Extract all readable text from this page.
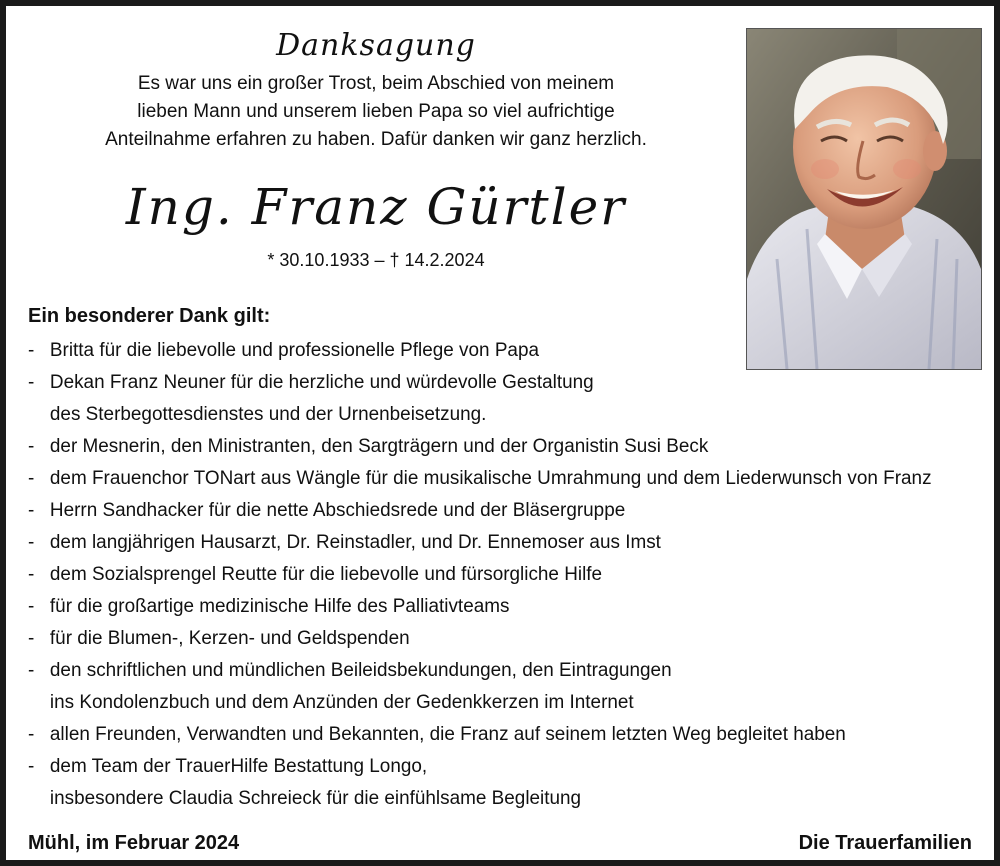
Danksagung
Es war uns ein großer Trost, beim Abschied von meinem
lieben Mann und unserem lieben Papa so viel aufrichtige
Anteilnahme erfahren zu haben. Dafür danken wir ganz herzlich.
Ing. Franz Gürtler
* 30.10.1933 – † 14.2.2024
Ein besonderer Dank gilt:
- Britta für die liebevolle und professionelle Pflege von Papa
- Dekan Franz Neuner für die herzliche und würdevolle Gestaltung
des Sterbegottesdienstes und der Urnenbeisetzung.
- der Mesnerin, den Ministranten, den Sargträgern und der Organistin Susi Beck
- dem Frauenchor TONart aus Wängle für die musikalische Umrahmung und dem Liederwunsch von Franz
- Herrn Sandhacker für die nette Abschiedsrede und der Bläsergruppe
- dem langjährigen Hausarzt, Dr. Reinstadler, und Dr. Ennemoser aus Imst
- dem Sozialsprengel Reutte für die liebevolle und fürsorgliche Hilfe
- für die großartige medizinische Hilfe des Palliativteams
- für die Blumen-, Kerzen- und Geldspenden
- den schriftlichen und mündlichen Beileidsbekundungen, den Eintragungen
ins Kondolenzbuch und dem Anzünden der Gedenkkerzen im Internet
- allen Freunden, Verwandten und Bekannten, die Franz auf seinem letzten Weg begleitet haben
- dem Team der TrauerHilfe Bestattung Longo,
insbesondere Claudia Schreieck für die einfühlsame Begleitung
Mühl, im Februar 2024	Die Trauerfamilien
